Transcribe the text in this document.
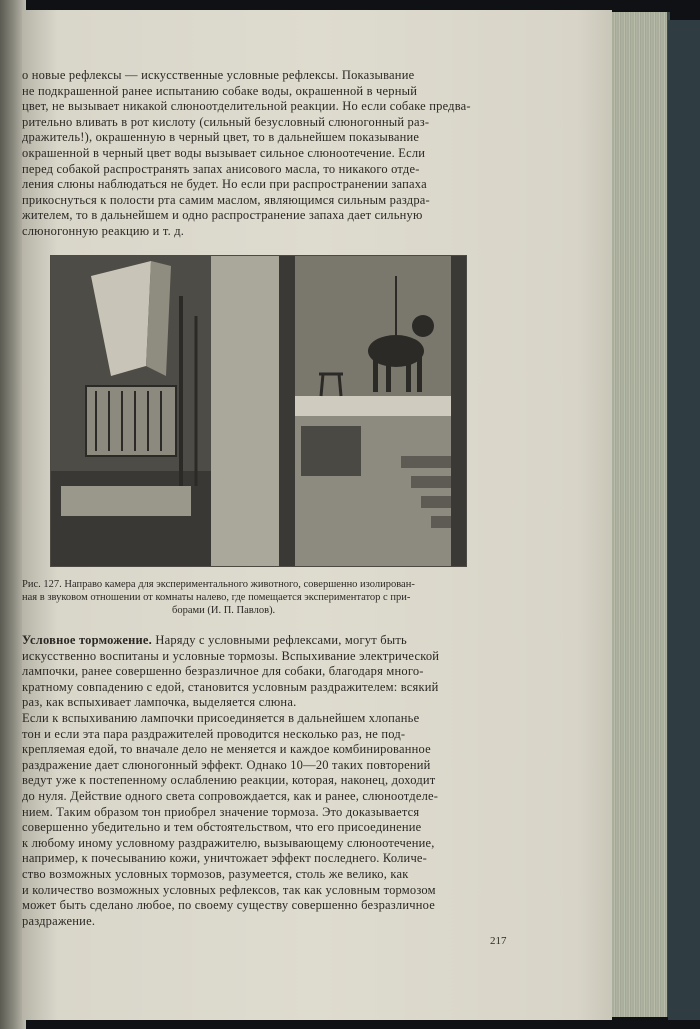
о новые рефлексы — искусственные условные рефлексы. Показывание
не подкрашенной ранее испытанию собаке воды, окрашенной в черный
цвет, не вызывает никакой слюноотделительной реакции. Но если собаке предва-
рительно вливать в рот кислоту (сильный безусловный слюногонный раз-
дражитель!), окрашенную в черный цвет, то в дальнейшем показывание
окрашенной в черный цвет воды вызывает сильное слюноотечение. Если
перед собакой распространять запах анисового масла, то никакого отде-
ления слюны наблюдаться не будет. Но если при распространении запаха
прикоснуться к полости рта самим маслом, являющимся сильным раздра-
жителем, то в дальнейшем и одно распространение запаха дает сильную
слюногонную реакцию и т. д.
Рис. 127. Направо камера для экспериментального животного, совершенно изолирован-
ная в звуковом отношении от комнаты налево, где помещается экспериментатор с при-
борами (И. П. Павлов).
Условное торможение. Наряду с условными рефлексами, могут быть
искусственно воспитаны и условные тормозы. Вспыхивание электрической
лампочки, ранее совершенно безразличное для собаки, благодаря много-
кратному совпадению с едой, становится условным раздражителем: всякий
раз, как вспыхивает лампочка, выделяется слюна.
Если к вспыхиванию лампочки присоединяется в дальнейшем хлопанье
тон и если эта пара раздражителей проводится несколько раз, не под-
крепляемая едой, то вначале дело не меняется и каждое комбинированное
раздражение дает слюногонный эффект. Однако 10—20 таких повторений
ведут уже к постепенному ослаблению реакции, которая, наконец, доходит
до нуля. Действие одного света сопровождается, как и ранее, слюноотделе-
нием. Таким образом тон приобрел значение тормоза. Это доказывается
совершенно убедительно и тем обстоятельством, что его присоединение
к любому иному условному раздражителю, вызывающему слюноотечение,
например, к почесыванию кожи, уничтожает эффект последнего. Количе-
ство возможных условных тормозов, разумеется, столь же велико, как
и количество возможных условных рефлексов, так как условным тормозом
может быть сделано любое, по своему существу совершенно безразличное
раздражение.
217
